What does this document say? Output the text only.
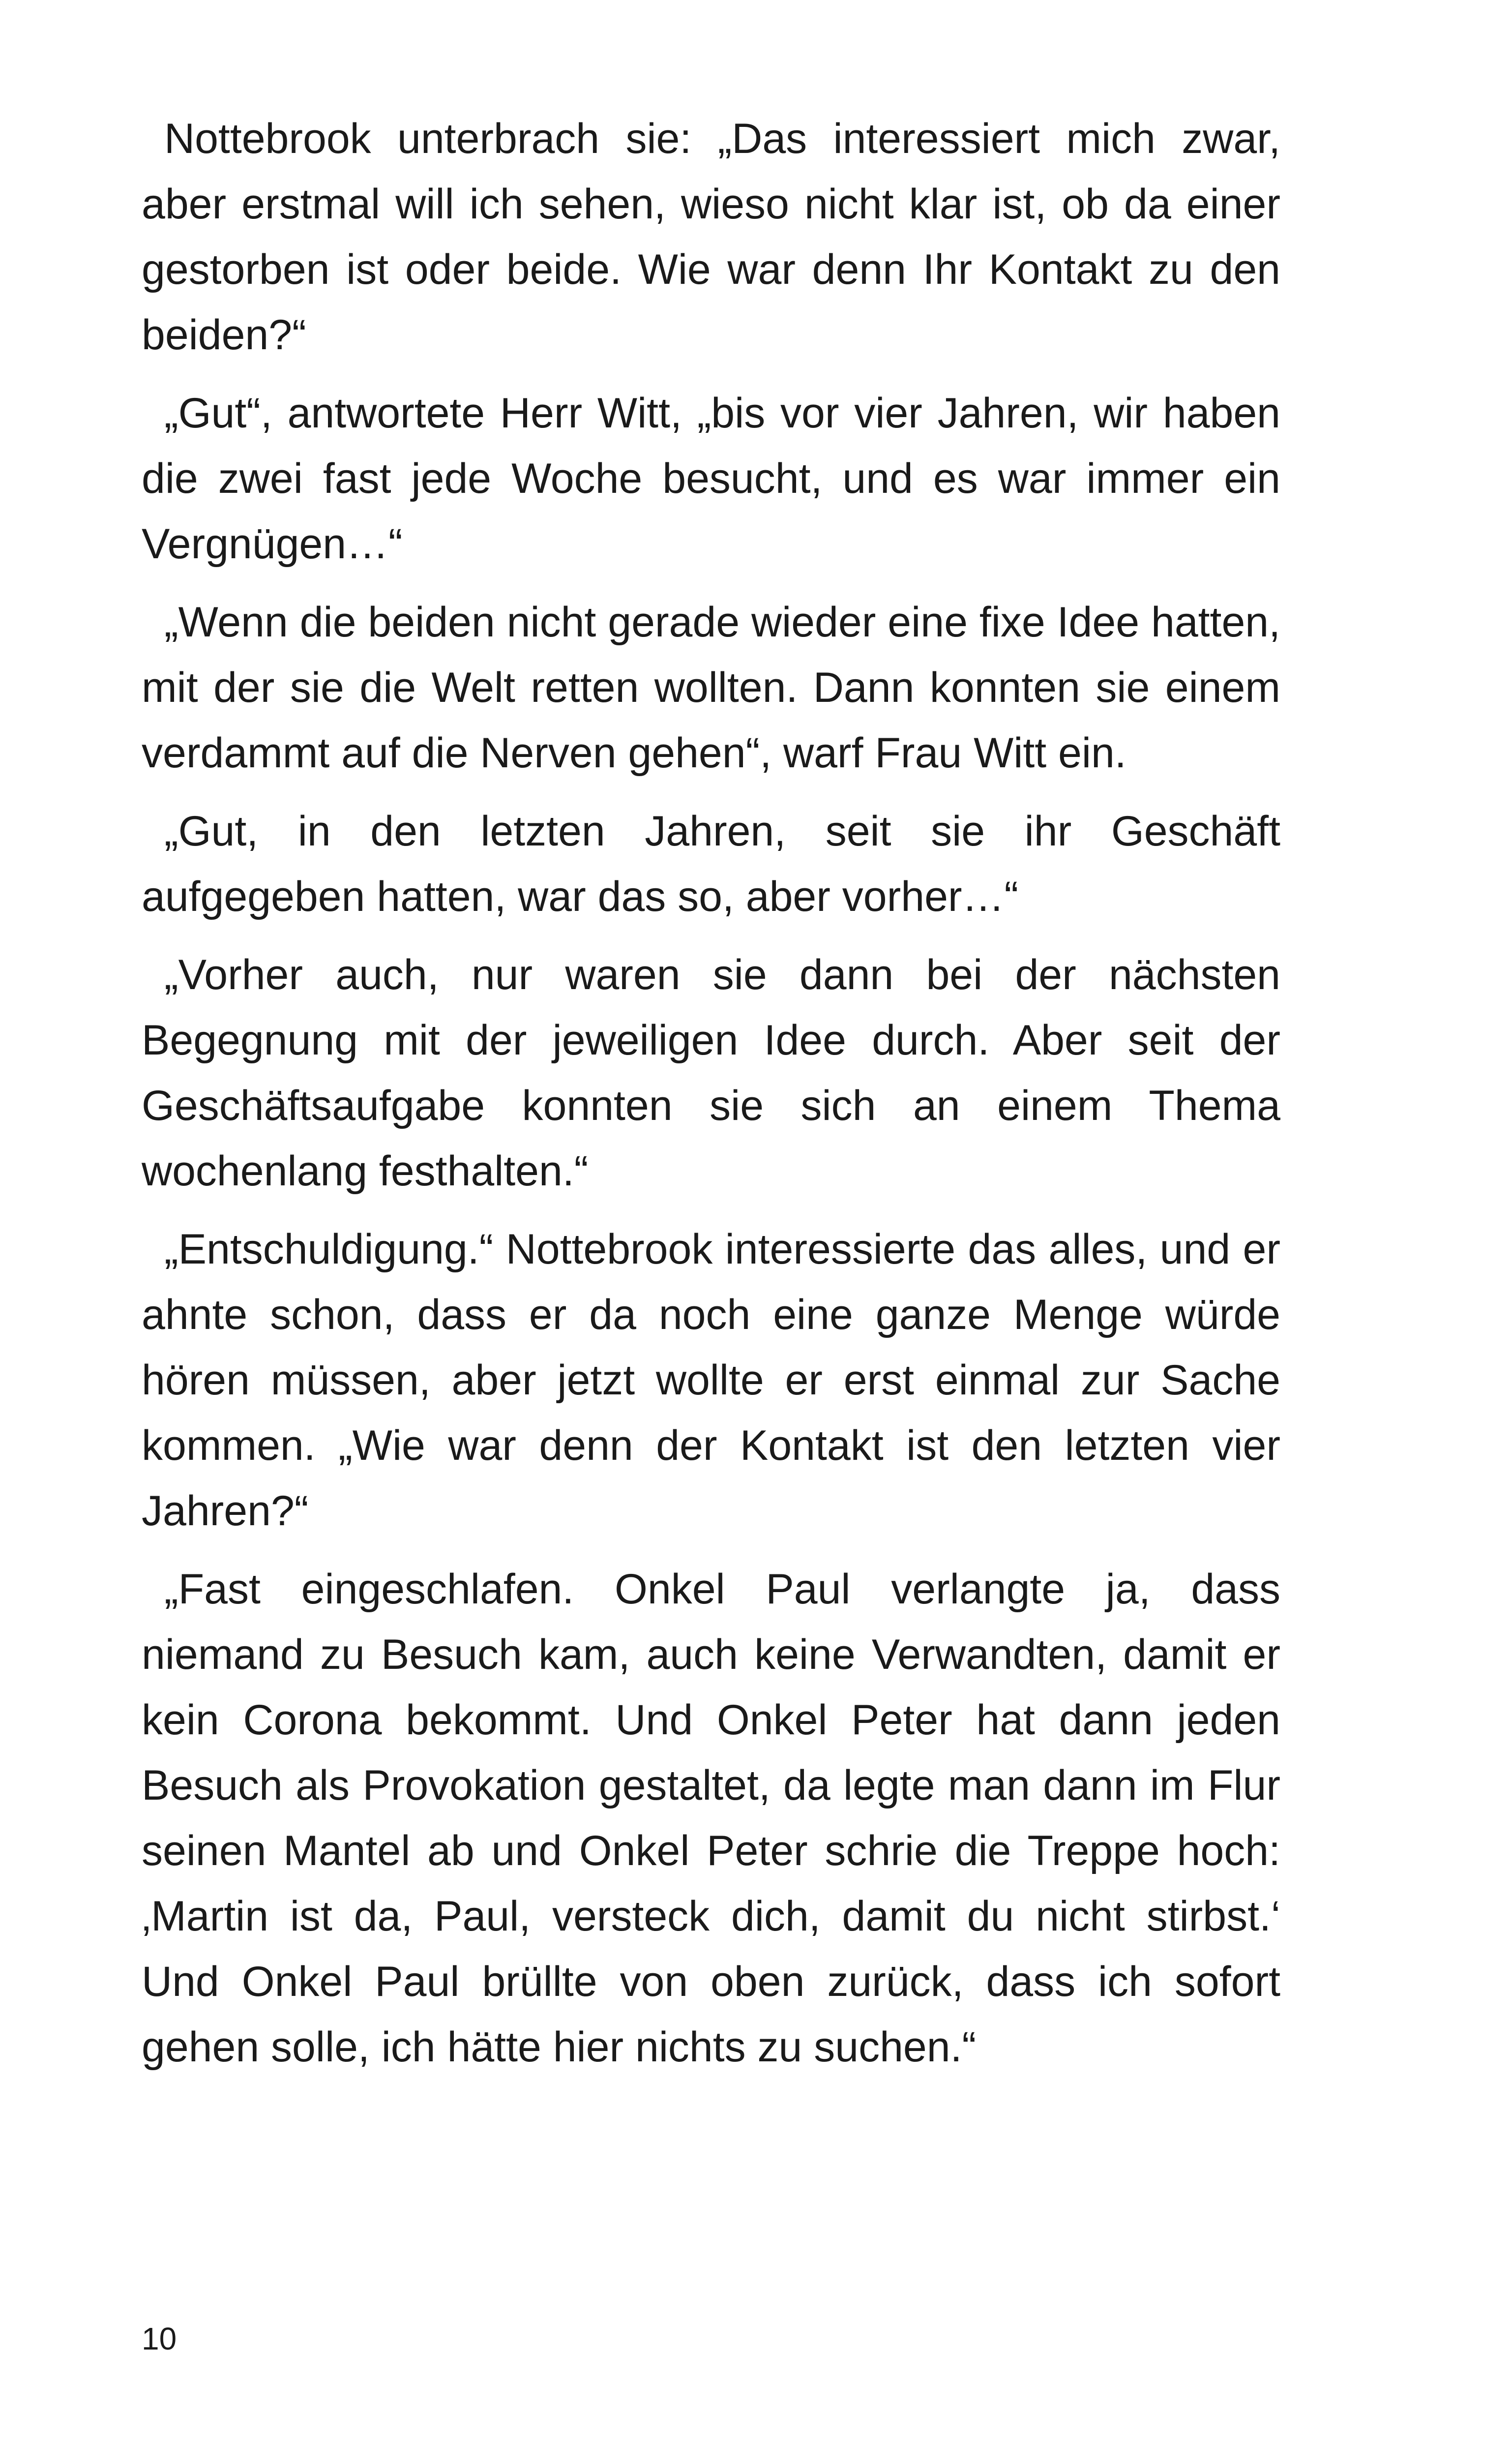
Nottebrook unterbrach sie: „Das interessiert mich zwar, aber erstmal will ich sehen, wieso nicht klar ist, ob da einer gestorben ist oder beide. Wie war denn Ihr Kontakt zu den beiden?“

„Gut“, antwortete Herr Witt, „bis vor vier Jahren, wir haben die zwei fast jede Woche besucht, und es war immer ein Vergnügen…“

„Wenn die beiden nicht gerade wieder eine fixe Idee hatten, mit der sie die Welt retten wollten. Dann konnten sie einem verdammt auf die Nerven gehen“, warf Frau Witt ein.

„Gut, in den letzten Jahren, seit sie ihr Geschäft aufgegeben hatten, war das so, aber vorher…“

„Vorher auch, nur waren sie dann bei der nächsten Begegnung mit der jeweiligen Idee durch. Aber seit der Geschäftsaufgabe konnten sie sich an einem Thema wochenlang festhalten.“

„Entschuldigung.“ Nottebrook interessierte das alles, und er ahnte schon, dass er da noch eine ganze Menge würde hören müssen, aber jetzt wollte er erst einmal zur Sache kommen. „Wie war denn der Kontakt ist den letzten vier Jahren?“

„Fast eingeschlafen. Onkel Paul verlangte ja, dass niemand zu Besuch kam, auch keine Verwandten, damit er kein Corona bekommt. Und Onkel Peter hat dann jeden Besuch als Provokation gestaltet, da legte man dann im Flur seinen Mantel ab und Onkel Peter schrie die Treppe hoch: ‚Martin ist da, Paul, versteck dich, damit du nicht stirbst.‘ Und Onkel Paul brüllte von oben zurück, dass ich sofort gehen solle, ich hätte hier nichts zu suchen.“

10
